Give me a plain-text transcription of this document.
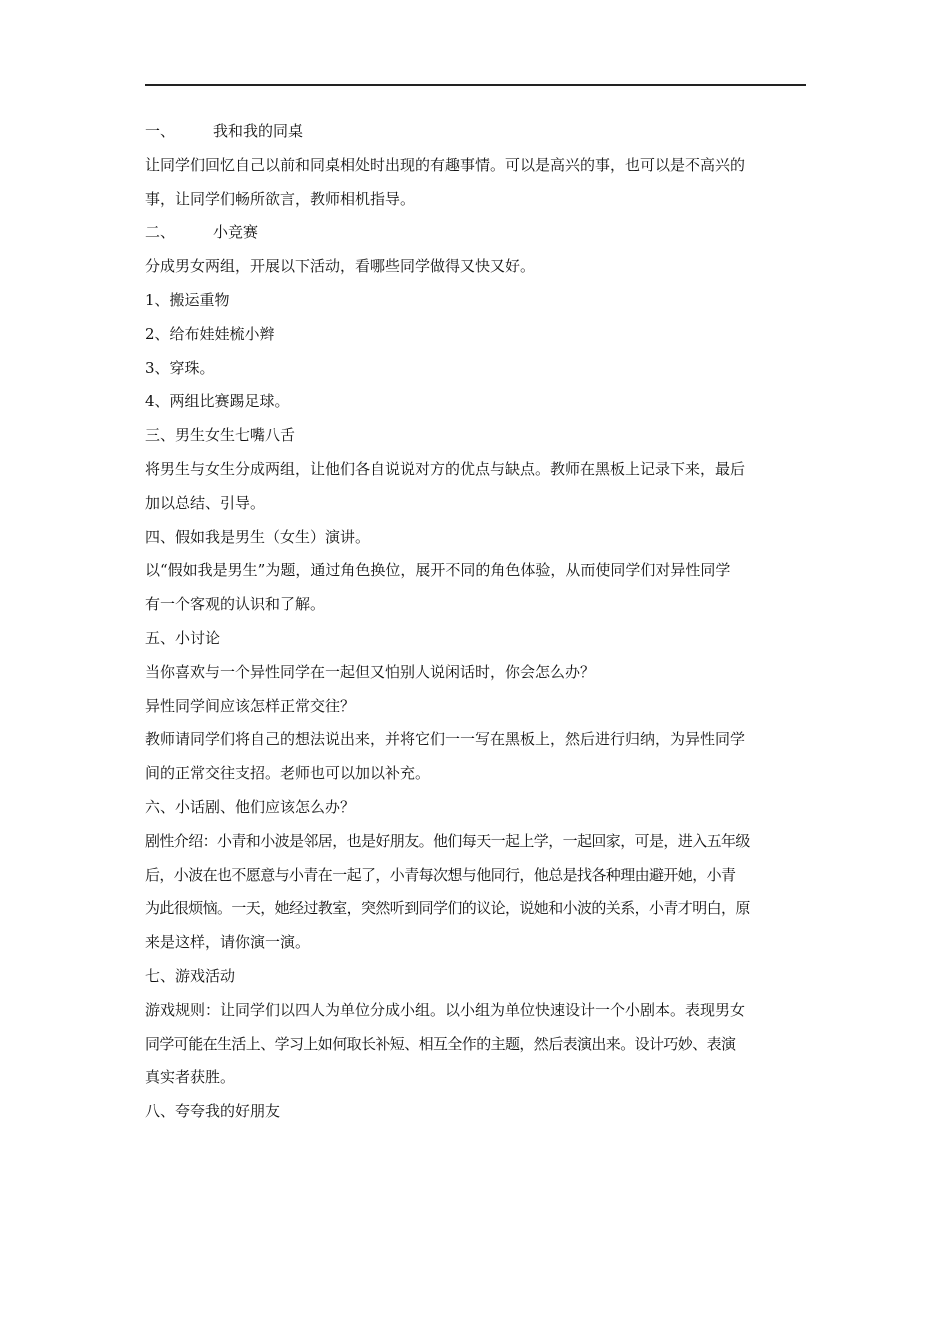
一、	我和我的同桌
让同学们回忆自己以前和同桌相处时出现的有趣事情。可以是高兴的事，也可以是不高兴的
事，让同学们畅所欲言，教师相机指导。
二、	小竞赛
分成男女两组，开展以下活动，看哪些同学做得又快又好。
1、搬运重物
2、给布娃娃梳小辫
3、穿珠。
4、两组比赛踢足球。
三、男生女生七嘴八舌
将男生与女生分成两组，让他们各自说说对方的优点与缺点。教师在黑板上记录下来，最后
加以总结、引导。
四、假如我是男生（女生）演讲。
以“假如我是男生”为题，通过角色换位，展开不同的角色体验，从而使同学们对异性同学
有一个客观的认识和了解。
五、小讨论
当你喜欢与一个异性同学在一起但又怕别人说闲话时，你会怎么办？
异性同学间应该怎样正常交往？
教师请同学们将自己的想法说出来，并将它们一一写在黑板上，然后进行归纳，为异性同学
间的正常交往支招。老师也可以加以补充。
六、小话剧、他们应该怎么办？
剧性介绍：小青和小波是邻居，也是好朋友。他们每天一起上学，一起回家，可是，进入五年级
后，小波在也不愿意与小青在一起了，小青每次想与他同行，他总是找各种理由避开她，小青
为此很烦恼。一天，她经过教室，突然听到同学们的议论，说她和小波的关系，小青才明白，原
来是这样，请你演一演。
七、游戏活动
游戏规则：让同学们以四人为单位分成小组。以小组为单位快速设计一个小剧本。表现男女
同学可能在生活上、学习上如何取长补短、相互全作的主题，然后表演出来。设计巧妙、表演
真实者获胜。
八、夸夸我的好朋友
